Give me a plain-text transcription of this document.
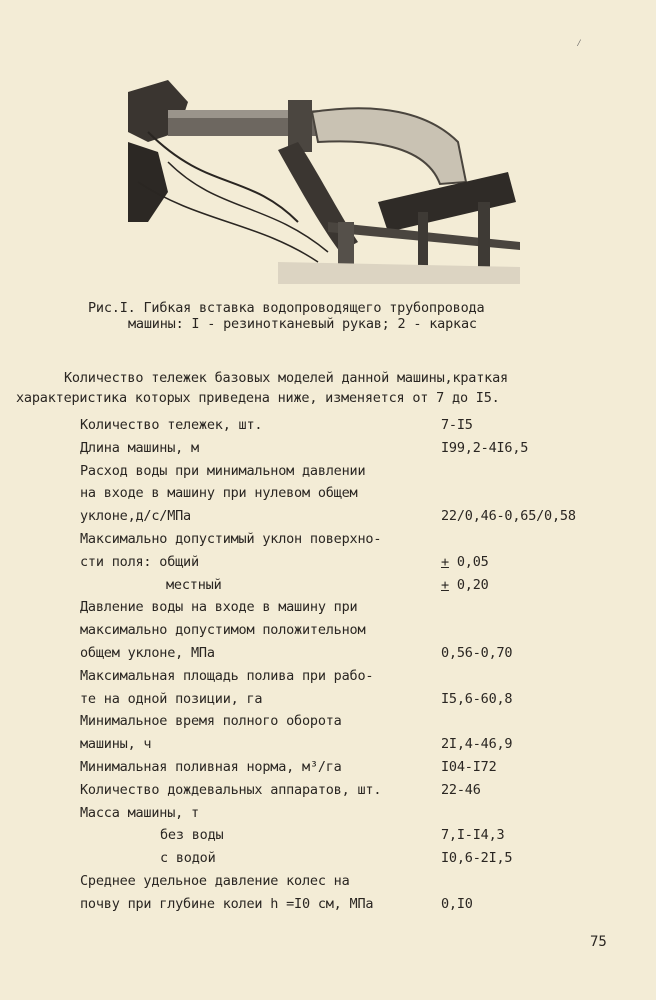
⁄
Рис.I. Гибкая вставка водопроводящего трубопровода
машины: I - резинотканевый рукав; 2 - каркас
Количество тележек базовых моделей данной машины,краткая
характеристика которых приведена ниже, изменяется от 7 до I5.
Количество тележек, шт.	7-I5
Длина машины, м	I99,2-4I6,5
Расход воды при минимальном давлении
на входе в машину при нулевом общем
уклоне,д/с/МПа	22/0,46-0,65/0,58
Максимально допустимый уклон поверхно-
сти поля: общий	+ 0,05
местный	+ 0,20
Давление воды на входе в машину при
максимально допустимом положительном
общем уклоне, МПа	0,56-0,70
Максимальная площадь полива при рабо-
те на одной позиции, га	I5,6-60,8
Минимальное время полного оборота
машины, ч	2I,4-46,9
Минимальная поливная норма, м³/га	I04-I72
Количество дождевальных аппаратов, шт.	22-46
Масса машины, т
без воды	7,I-I4,3
с водой	I0,6-2I,5
Среднее удельное давление колес на
почву при глубине колеи h =I0 см, МПа	0,I0
75
